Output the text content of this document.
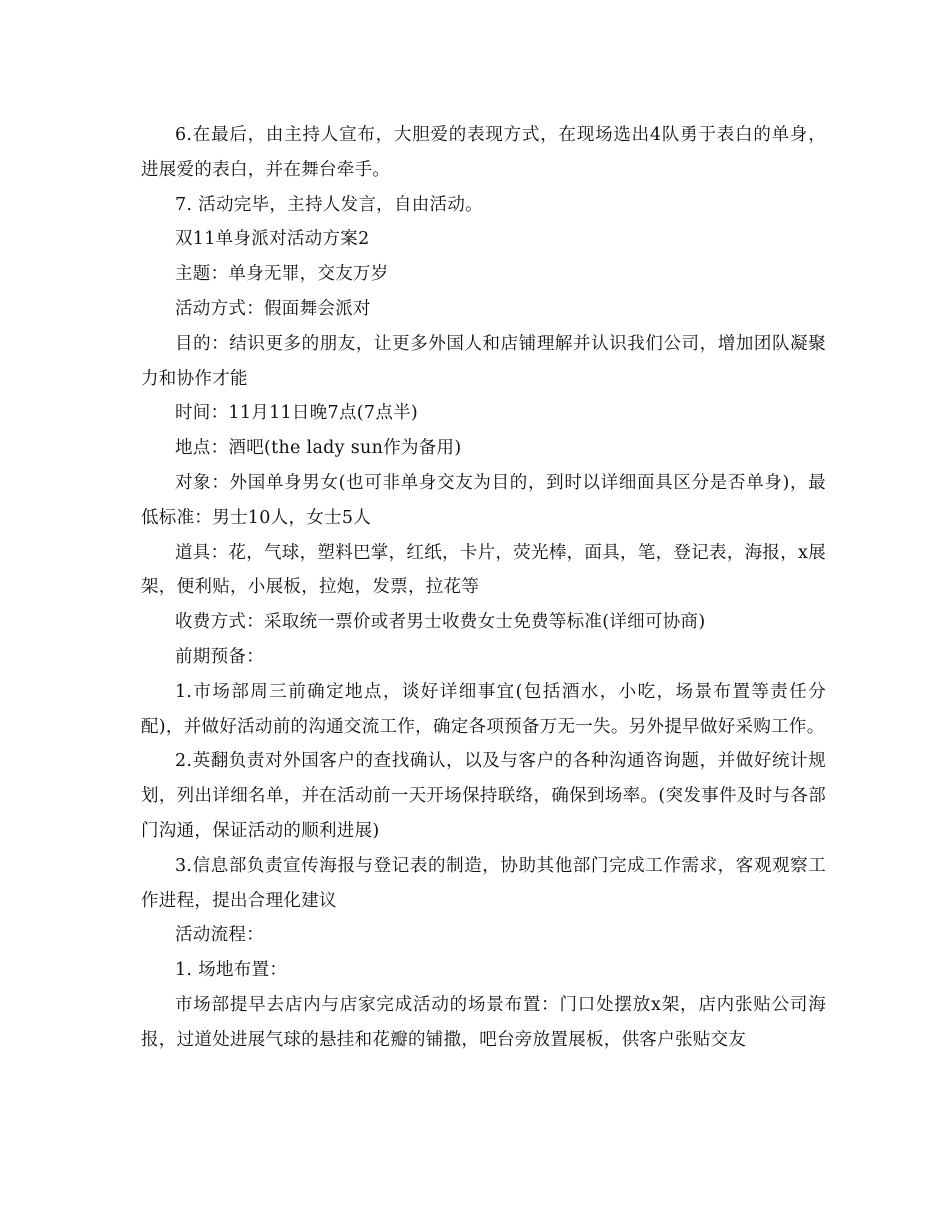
6.在最后，由主持人宣布，大胆爱的表现方式，在现场选出4队勇于表白的单身，进展爱的表白，并在舞台牵手。

7. 活动完毕，主持人发言，自由活动。

双11单身派对活动方案2

主题：单身无罪，交友万岁

活动方式：假面舞会派对

目的：结识更多的朋友，让更多外国人和店铺理解并认识我们公司，增加团队凝聚力和协作才能

时间：11月11日晚7点(7点半)

地点：酒吧(the lady sun作为备用)

对象：外国单身男女(也可非单身交友为目的，到时以详细面具区分是否单身)，最低标准：男士10人，女士5人

道具：花，气球，塑料巴掌，红纸，卡片，荧光棒，面具，笔，登记表，海报，x展架，便利贴，小展板，拉炮，发票，拉花等

收费方式：采取统一票价或者男士收费女士免费等标准(详细可协商)

前期预备：

1.市场部周三前确定地点，谈好详细事宜(包括酒水，小吃，场景布置等责任分配)，并做好活动前的沟通交流工作，确定各项预备万无一失。另外提早做好采购工作。

2.英翻负责对外国客户的查找确认，以及与客户的各种沟通咨询题，并做好统计规划，列出详细名单，并在活动前一天开场保持联络，确保到场率。(突发事件及时与各部门沟通，保证活动的顺利进展)

3.信息部负责宣传海报与登记表的制造，协助其他部门完成工作需求，客观观察工作进程，提出合理化建议

活动流程：

1. 场地布置：

市场部提早去店内与店家完成活动的场景布置：门口处摆放x架，店内张贴公司海报，过道处进展气球的悬挂和花瓣的铺撒，吧台旁放置展板，供客户张贴交友
